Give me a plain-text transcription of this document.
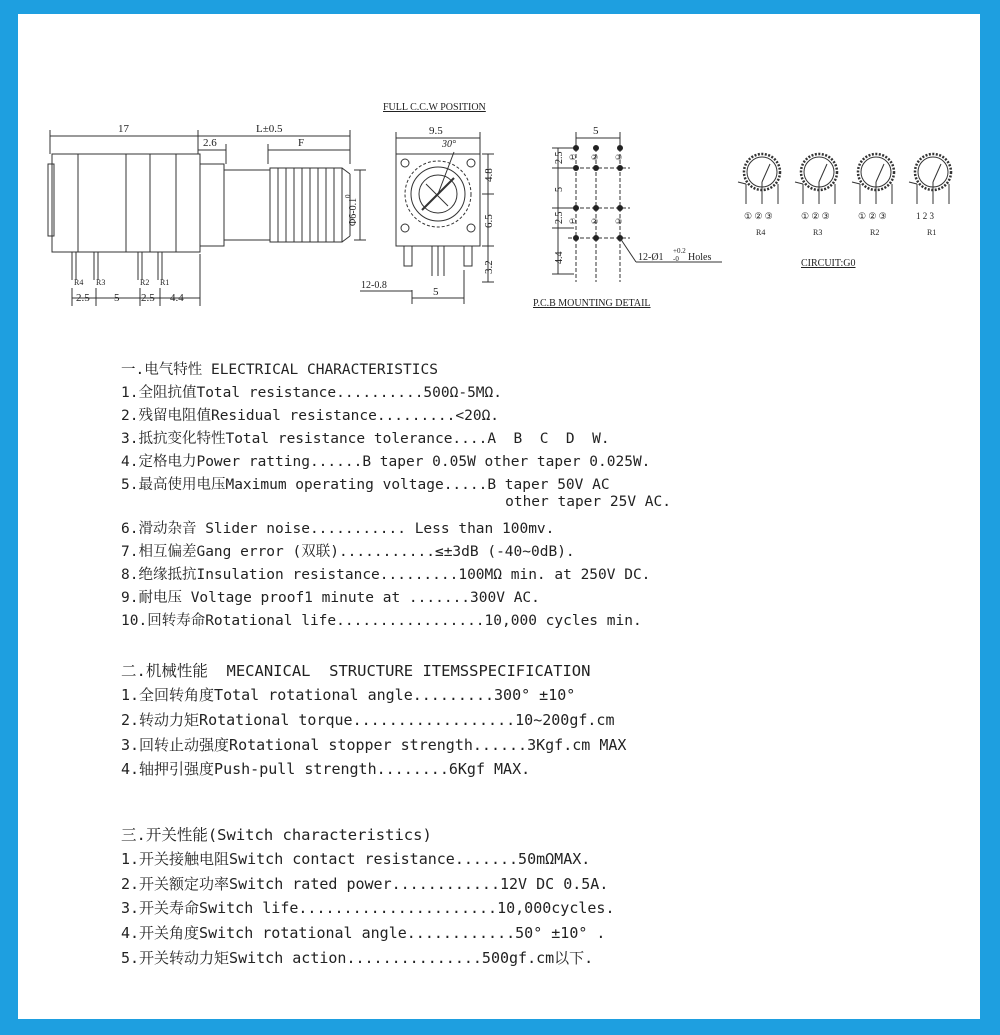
17	L±0.5
2.6	F
Φ6-0.1
0
R4 R3	R2 R1
2.5 5 2.5 4.4
FULL C.C.W POSITION
9.5
30°
4.8
6.5
3.2
12-0.8
5
5
2.5
5
2.5
4.4
① ② ③
① ② ③
12-Ø1
+0.2
-0 Holes
P.C.B MOUNTING DETAIL
① ② ③
R4
① ② ③
R3
① ② ③
R2
1 2 3
R1
CIRCUIT:G0
一.电气特性 ELECTRICAL CHARACTERISTICS
1.全阻抗值Total resistance..........500Ω-5MΩ.
2.残留电阻值Residual resistance.........<20Ω.
3.抵抗变化特性Total resistance tolerance....A  B  C  D  W.
4.定格电力Power ratting......B taper 0.05W other taper 0.025W.
5.最高使用电压Maximum operating voltage.....B taper 50V AC
other taper 25V AC.
6.滑动杂音 Slider noise........... Less than 100mv.
7.相互偏差Gang error (双联)...........≤±3dB (-40~0dB).
8.绝缘抵抗Insulation resistance.........100MΩ min. at 250V DC.
9.耐电压 Voltage proof1 minute at .......300V AC.
10.回转寿命Rotational life.................10,000 cycles min.
二.机械性能  MECANICAL  STRUCTURE ITEMSSPECIFICATION
1.全回转角度Total rotational angle.........300° ±10°
2.转动力矩Rotational torque..................10~200gf.cm
3.回转止动强度Rotational stopper strength......3Kgf.cm MAX
4.轴押引强度Push-pull strength........6Kgf MAX.
三.开关性能(Switch characteristics)
1.开关接触电阻Switch contact resistance.......50mΩMAX.
2.开关额定功率Switch rated power............12V DC 0.5A.
3.开关寿命Switch life......................10,000cycles.
4.开关角度Switch rotational angle............50° ±10° .
5.开关转动力矩Switch action...............500gf.cm以下.
